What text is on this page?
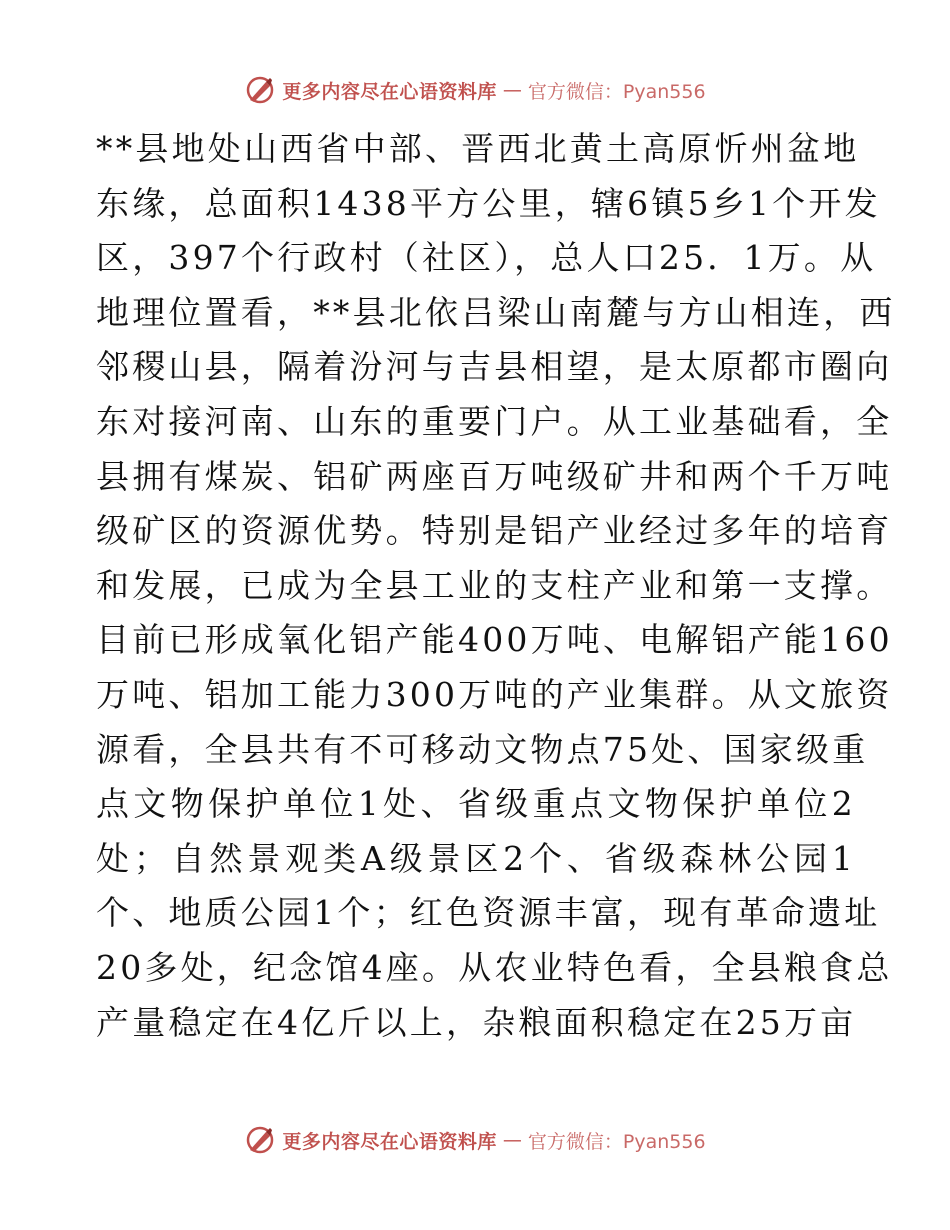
更多内容尽在心语资料库 — 官方微信：Pyan556
**县地处山西省中部、晋西北黄土高原忻州盆地
东缘，总面积1438平方公里，辖6镇5乡1个开发
区，397个行政村（社区），总人口25．1万。从
地理位置看，**县北依吕梁山南麓与方山相连，西
邻稷山县，隔着汾河与吉县相望，是太原都市圈向
东对接河南、山东的重要门户。从工业基础看，全
县拥有煤炭、铝矿两座百万吨级矿井和两个千万吨
级矿区的资源优势。特别是铝产业经过多年的培育
和发展，已成为全县工业的支柱产业和第一支撑。
目前已形成氧化铝产能400万吨、电解铝产能160
万吨、铝加工能力300万吨的产业集群。从文旅资
源看，全县共有不可移动文物点75处、国家级重
点文物保护单位1处、省级重点文物保护单位2
处；自然景观类A级景区2个、省级森林公园1
个、地质公园1个；红色资源丰富，现有革命遗址
20多处，纪念馆4座。从农业特色看，全县粮食总
产量稳定在4亿斤以上，杂粮面积稳定在25万亩
更多内容尽在心语资料库 — 官方微信：Pyan556
